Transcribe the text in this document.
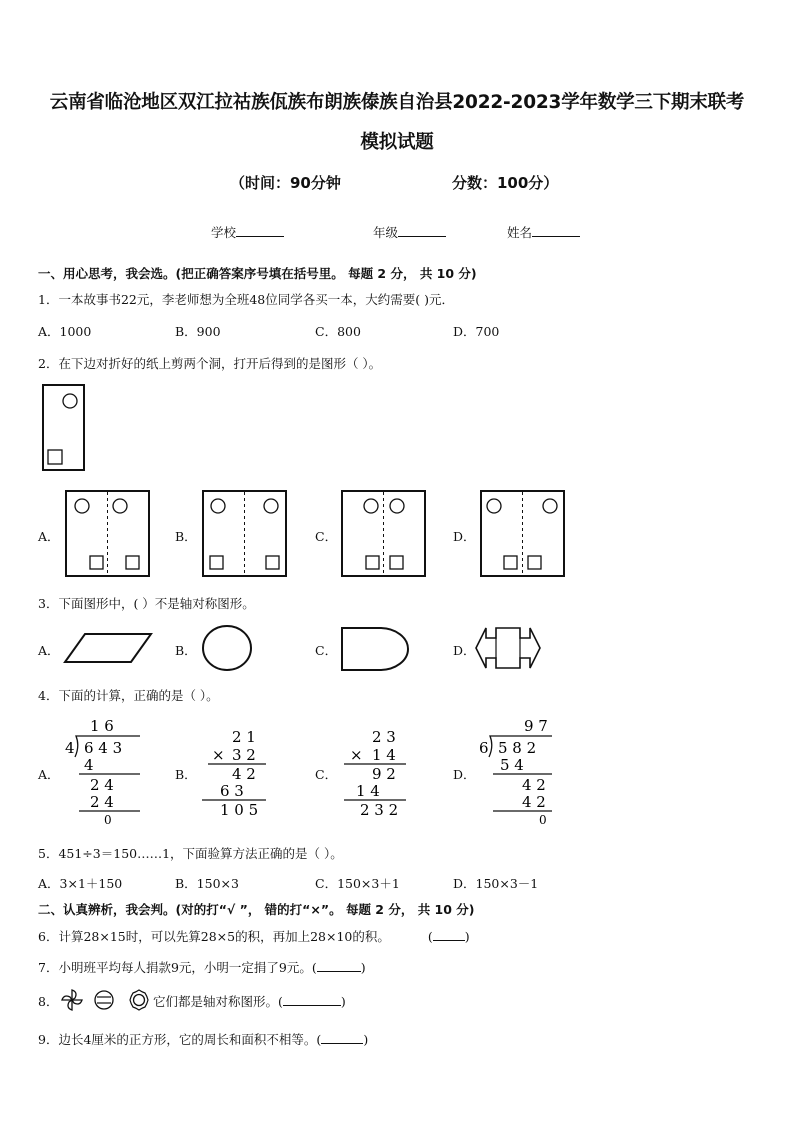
云南省临沧地区双江拉祜族佤族布朗族傣族自治县2022-2023学年数学三下期末联考
模拟试题
（时间：90分钟	分数：100分）
学校	年级	姓名
一、用心思考，我会选。(把正确答案序号填在括号里。 每题 2 分， 共 10 分)
1．一本故事书22元，李老师想为全班48位同学各买一本，大约需要( )元．
A．1000	B．900	C．800	D．700
2．在下边对折好的纸上剪两个洞，打开后得到的是图形（ ）。
A．	B．	C．	D．
3．下面图形中，( ）不是轴对称图形。
A．	B．	C．	D．
4．下面的计算，正确的是（ ）。
A．
1 6
4 6 4 3
4
2 4
2 4
0
B．
2 1
× 3 2
4 2
6 3
1 0 5
C．
2 3
× 1 4
9 2
1 4
2 3 2
D．
9 7
6 5 8 2
5 4
4 2
4 2
0
5．451÷3＝150……1，下面验算方法正确的是（ ）。
A．3×1＋150	B．150×3	C．150×3＋1	D．150×3－1
二、认真辨析，我会判。(对的打“√ ”， 错的打“×”。 每题 2 分， 共 10 分)
6．计算28×15时，可以先算28×5的积，再加上28×10的积。	(	)
7．小明班平均每人捐款9元，小明一定捐了9元。(	)
8．	它们都是轴对称图形。(	)
9．边长4厘米的正方形，它的周长和面积不相等。(	)
